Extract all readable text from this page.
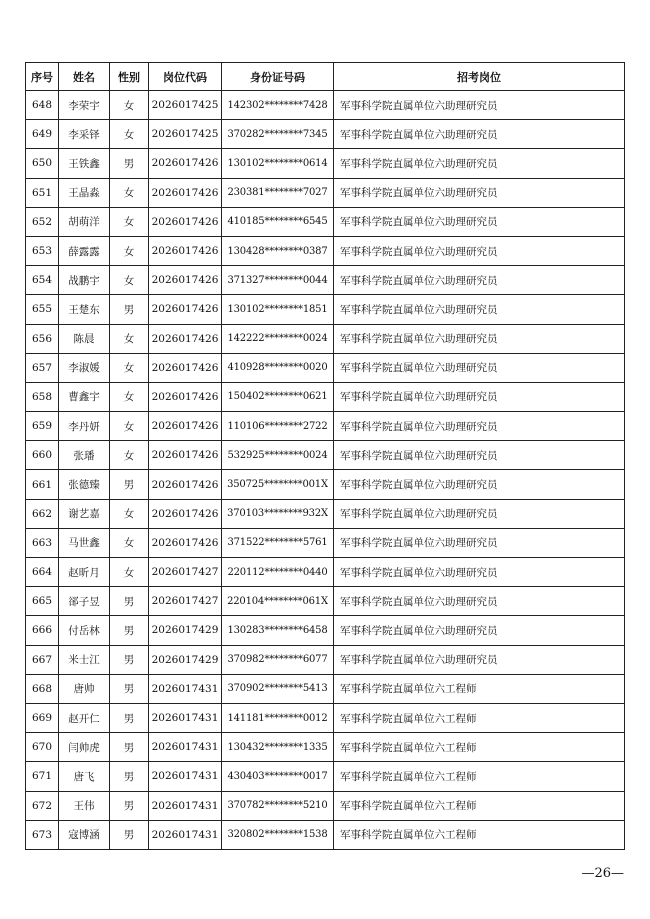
序号	姓名	性别	岗位代码	身份证号码	招考岗位
648	李荣宇	女	2026017425	142302********7428	军事科学院直属单位六助理研究员
649	李采铎	女	2026017425	370282********7345	军事科学院直属单位六助理研究员
650	王铁鑫	男	2026017426	130102********0614	军事科学院直属单位六助理研究员
651	王晶淼	女	2026017426	230381********7027	军事科学院直属单位六助理研究员
652	胡萌洋	女	2026017426	410185********6545	军事科学院直属单位六助理研究员
653	薛露露	女	2026017426	130428********0387	军事科学院直属单位六助理研究员
654	战鹏宇	女	2026017426	371327********0044	军事科学院直属单位六助理研究员
655	王楚东	男	2026017426	130102********1851	军事科学院直属单位六助理研究员
656	陈晨	女	2026017426	142222********0024	军事科学院直属单位六助理研究员
657	李淑媛	女	2026017426	410928********0020	军事科学院直属单位六助理研究员
658	曹鑫宇	女	2026017426	150402********0621	军事科学院直属单位六助理研究员
659	李丹妍	女	2026017426	110106********2722	军事科学院直属单位六助理研究员
660	张璠	女	2026017426	532925********0024	军事科学院直属单位六助理研究员
661	张德臻	男	2026017426	350725********001X	军事科学院直属单位六助理研究员
662	谢艺嘉	女	2026017426	370103********932X	军事科学院直属单位六助理研究员
663	马世鑫	女	2026017426	371522********5761	军事科学院直属单位六助理研究员
664	赵昕月	女	2026017427	220112********0440	军事科学院直属单位六助理研究员
665	郤子昱	男	2026017427	220104********061X	军事科学院直属单位六助理研究员
666	付岳林	男	2026017429	130283********6458	军事科学院直属单位六助理研究员
667	米士江	男	2026017429	370982********6077	军事科学院直属单位六助理研究员
668	唐帅	男	2026017431	370902********5413	军事科学院直属单位六工程师
669	赵开仁	男	2026017431	141181********0012	军事科学院直属单位六工程师
670	闫帅虎	男	2026017431	130432********1335	军事科学院直属单位六工程师
671	唐飞	男	2026017431	430403********0017	军事科学院直属单位六工程师
672	王伟	男	2026017431	370782********5210	军事科学院直属单位六工程师
673	寇博涵	男	2026017431	320802********1538	军事科学院直属单位六工程师
—26—
